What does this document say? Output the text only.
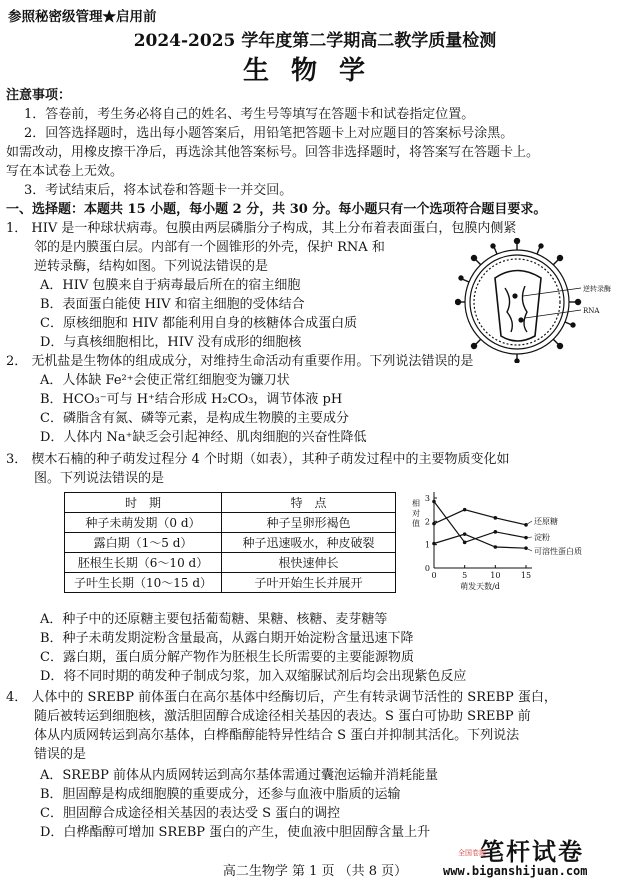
参照秘密级管理★启用前
2024-2025 学年度第二学期高二教学质量检测
生物学
注意事项：
1．答卷前，考生务必将自己的姓名、考生号等填写在答题卡和试卷指定位置。
2．回答选择题时，选出每小题答案后，用铅笔把答题卡上对应题目的答案标号涂黑。
如需改动，用橡皮擦干净后，再选涂其他答案标号。回答非选择题时，将答案写在答题卡上。
写在本试卷上无效。
3．考试结束后，将本试卷和答题卡一并交回。
一、选择题：本题共 15 小题，每小题 2 分，共 30 分。每小题只有一个选项符合题目要求。
1． HIV 是一种球状病毒。包膜由两层磷脂分子构成，其上分布着表面蛋白，包膜内侧紧
邻的是内膜蛋白层。内部有一个圆锥形的外壳，保护 RNA 和
逆转录酶，结构如图。下列说法错误的是
A．HIV 包膜来自于病毒最后所在的宿主细胞
B．表面蛋白能使 HIV 和宿主细胞的受体结合
C．原核细胞和 HIV 都能利用自身的核糖体合成蛋白质
D．与真核细胞相比，HIV 没有成形的细胞核
逆转录酶
RNA
2． 无机盐是生物体的组成成分，对维持生命活动有重要作用。下列说法错误的是
A．人体缺 Fe²⁺会使正常红细胞变为镰刀状
B．HCO₃⁻可与 H⁺结合形成 H₂CO₃，调节体液 pH
C．磷脂含有氮、磷等元素，是构成生物膜的主要成分
D．人体内 Na⁺缺乏会引起神经、肌肉细胞的兴奋性降低
3． 楔木石楠的种子萌发过程分 4 个时期（如表），其种子萌发过程中的主要物质变化如
图。下列说法错误的是
时　期	特　点
种子未萌发期（0 d）	种子呈卵形褐色
露白期（1～5 d）	种子迅速吸水，种皮破裂
胚根生长期（6～10 d）	根快速伸长
子叶生长期（10～15 d）	子叶开始生长并展开
0	5	10	15
0
1
2
3
相
对
值
萌发天数/d
还原糖
淀粉
可溶性蛋白质
A．种子中的还原糖主要包括葡萄糖、果糖、核糖、麦芽糖等
B．种子未萌发期淀粉含量最高，从露白期开始淀粉含量迅速下降
C．露白期，蛋白质分解产物作为胚根生长所需要的主要能源物质
D．将不同时期的萌发种子制成匀浆，加入双缩脲试剂后均会出现紫色反应
4． 人体中的 SREBP 前体蛋白在高尔基体中经酶切后，产生有转录调节活性的 SREBP 蛋白，
随后被转运到细胞核，激活胆固醇合成途径相关基因的表达。S 蛋白可协助 SREBP 前
体从内质网转运到高尔基体，白桦酯醇能特异性结合 S 蛋白并抑制其活化。下列说法
错误的是
A．SREBP 前体从内质网转运到高尔基体需通过囊泡运输并消耗能量
B．胆固醇是构成细胞膜的重要成分，还参与血液中脂质的运输
C．胆固醇合成途径相关基因的表达受 S 蛋白的调控
D．白桦酯醇可增加 SREBP 蛋白的产生，使血液中胆固醇含量上升
高二生物学 第 1 页 （共 8 页）
笔杆试卷
全国卷题
www.biganshijuan.com
